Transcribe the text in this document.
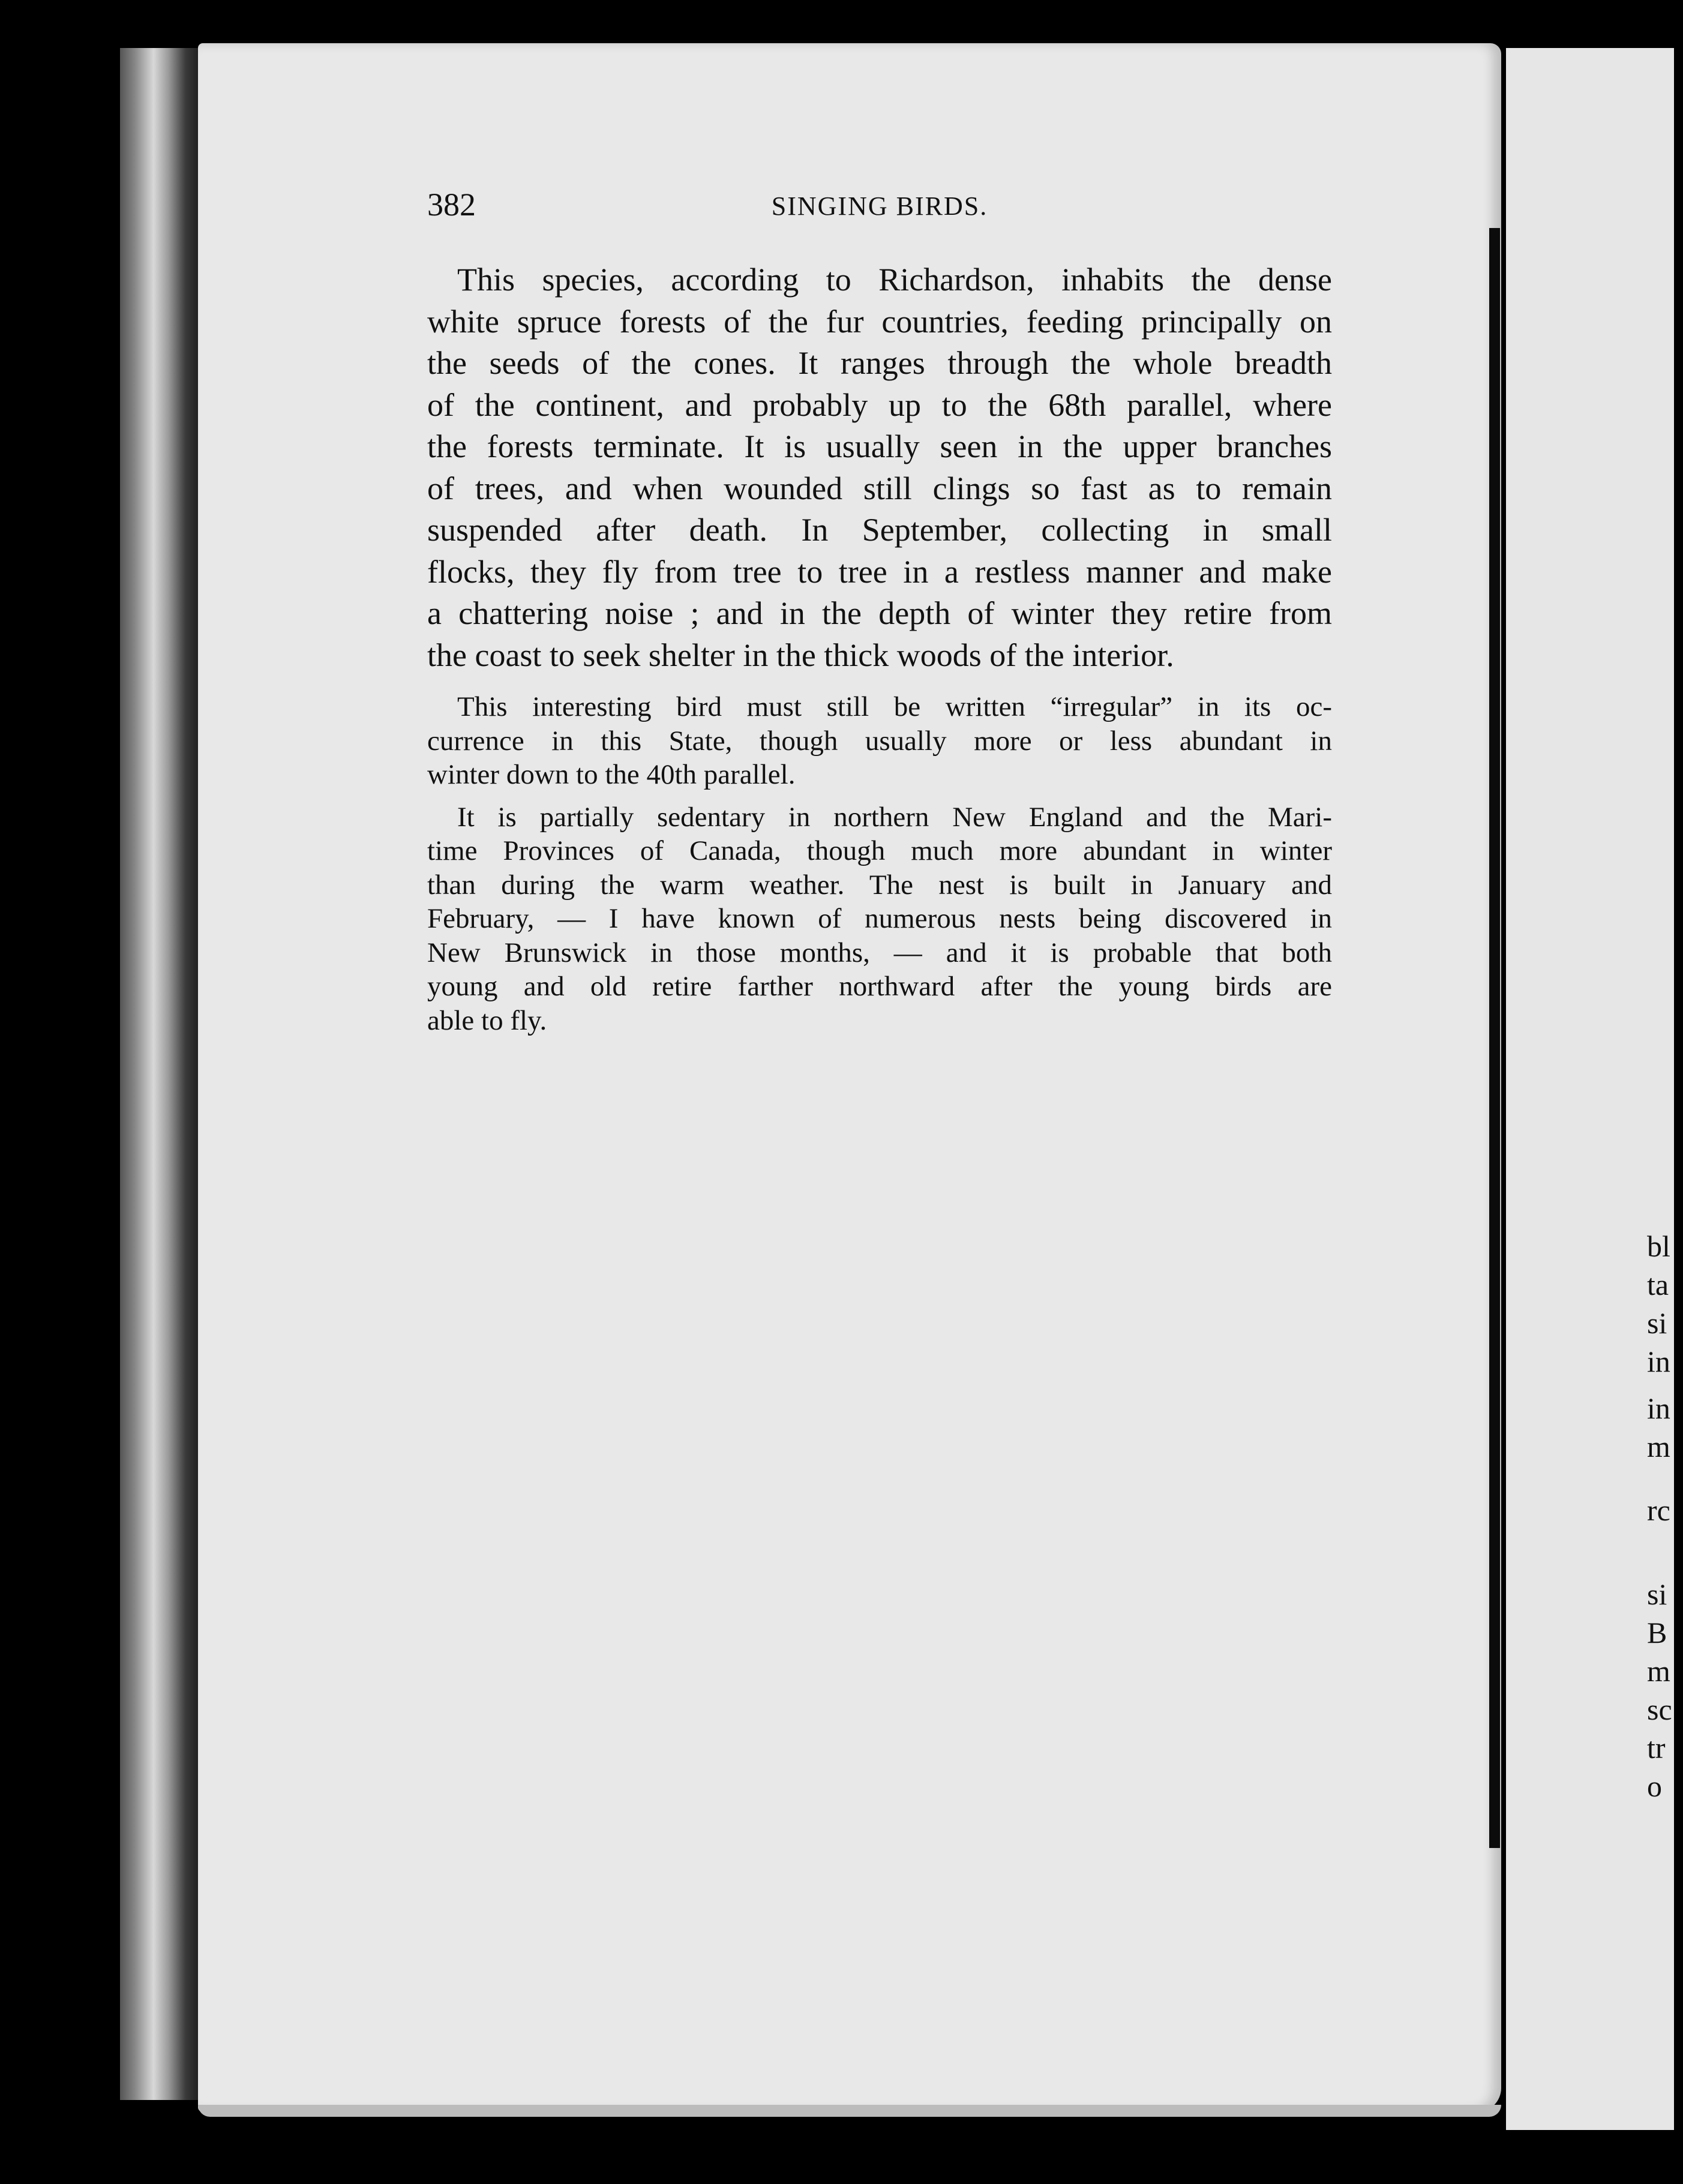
382	SINGING BIRDS.
This species, according to Richardson, inhabits the dense
white spruce forests of the fur countries, feeding principally on
the seeds of the cones. It ranges through the whole breadth
of the continent, and probably up to the 68th parallel, where
the forests terminate. It is usually seen in the upper branches
of trees, and when wounded still clings so fast as to remain
suspended after death. In September, collecting in small
flocks, they fly from tree to tree in a restless manner and make
a chattering noise ; and in the depth of winter they retire from
the coast to seek shelter in the thick woods of the interior.
This interesting bird must still be written “irregular” in its oc-
currence in this State, though usually more or less abundant in
winter down to the 40th parallel.
It is partially sedentary in northern New England and the Mari-
time Provinces of Canada, though much more abundant in winter
than during the warm weather. The nest is built in January and
February, — I have known of numerous nests being discovered in
New Brunswick in those months, — and it is probable that both
young and old retire farther northward after the young birds are
able to fly.
bl
ta
si
in
in
m
rc
si
B
m
sc
tr
o
